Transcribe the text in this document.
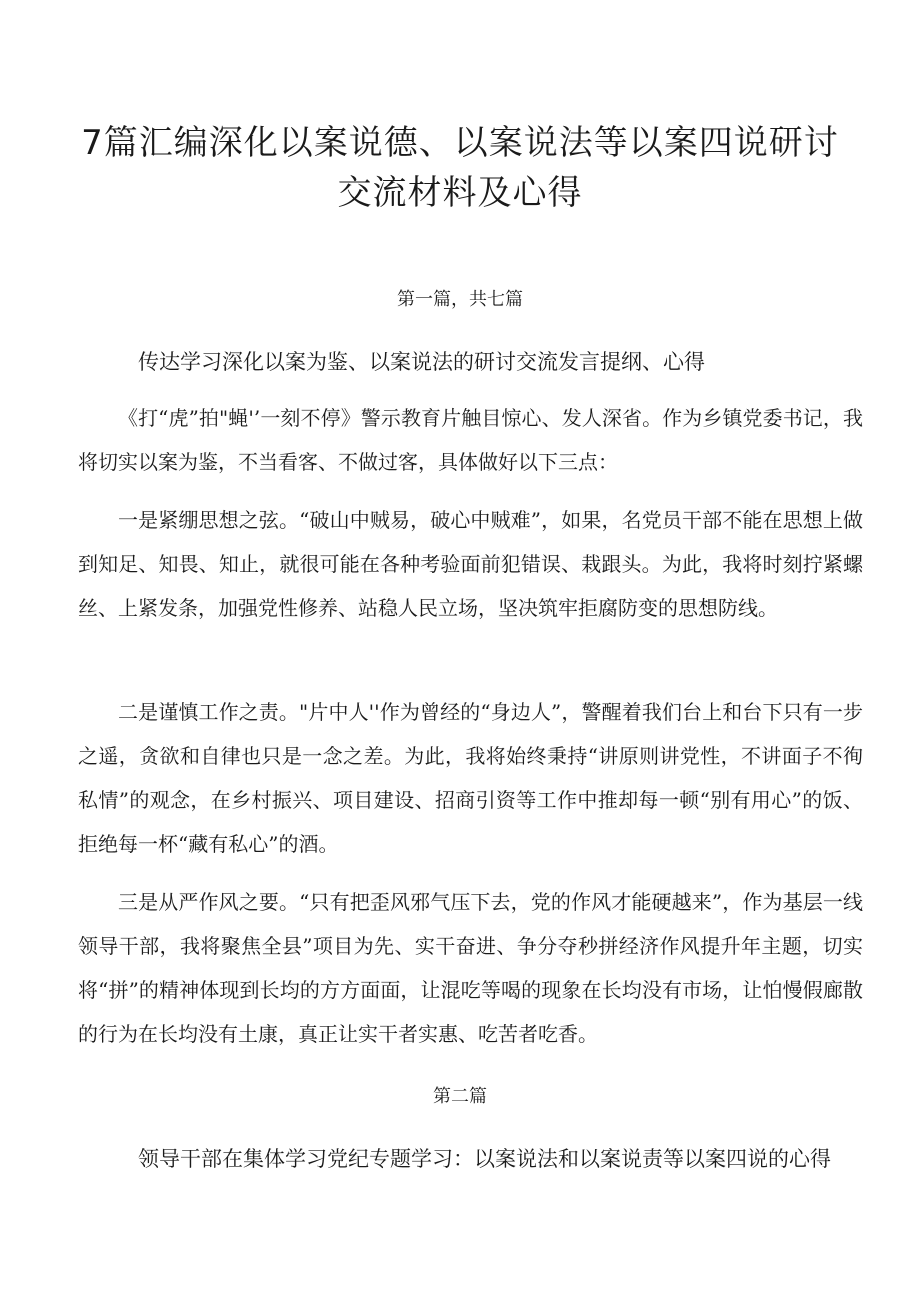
7篇汇编深化以案说德、以案说法等以案四说研讨交流材料及心得
第一篇，共七篇
传达学习深化以案为鉴、以案说法的研讨交流发言提纲、心得

《打“虎”拍"蝇'’一刻不停》警示教育片触目惊心、发人深省。作为乡镇党委书记，我将切实以案为鉴，不当看客、不做过客，具体做好以下三点：

一是紧绷思想之弦。“破山中贼易，破心中贼难”，如果，名党员干部不能在思想上做到知足、知畏、知止，就很可能在各种考验面前犯错误、栽跟头。为此，我将时刻拧紧螺丝、上紧发条，加强党性修养、站稳人民立场，坚决筑牢拒腐防变的思想防线。

二是谨慎工作之责。"片中人''作为曾经的“身边人”，警醒着我们台上和台下只有一步之遥，贪欲和自律也只是一念之差。为此，我将始终秉持“讲原则讲党性，不讲面子不徇私情”的观念，在乡村振兴、项目建设、招商引资等工作中推却每一顿“别有用心”的饭、拒绝每一杯“藏有私心”的酒。

三是从严作风之要。“只有把歪风邪气压下去，党的作风才能硬越来”，作为基层一线领导干部，我将聚焦全县”项目为先、实干奋进、争分夺秒拼经济作风提升年主题，切实将“拼”的精神体现到长均的方方面面，让混吃等喝的现象在长均没有市场，让怕慢假廊散的行为在长均没有土康，真正让实干者实惠、吃苦者吃香。

第二篇
领导干部在集体学习党纪专题学习：以案说法和以案说责等以案四说的心得
